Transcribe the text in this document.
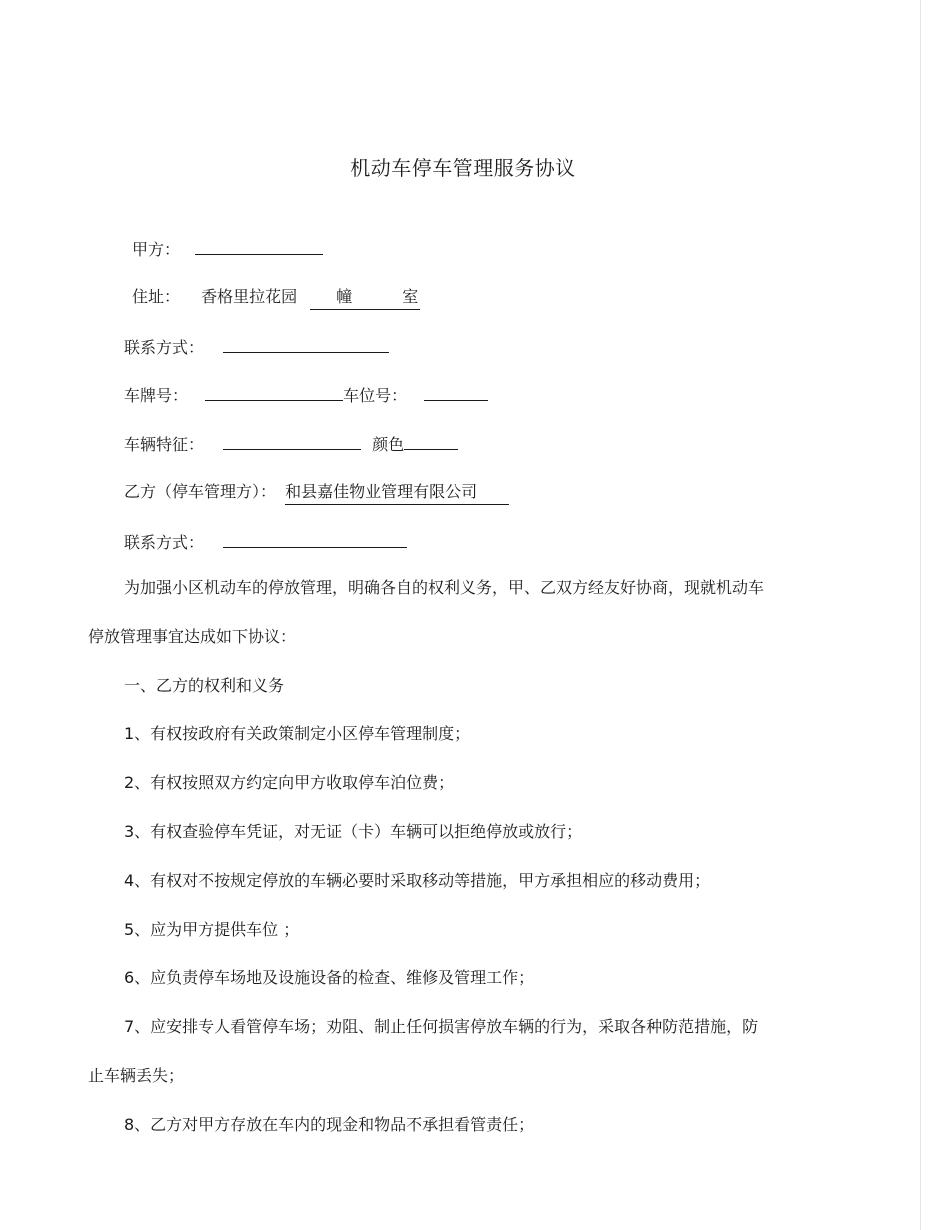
机动车停车管理服务协议
甲方：
住址： 香格里拉花园 幢	室

联系方式：
车牌号：	车位号：
车辆特征：	颜色
乙方（停车管理方）： 和县嘉佳物业管理有限公司
联系方式：
为加强小区机动车的停放管理，明确各自的权利义务，甲、乙双方经友好协商，现就机动车
停放管理事宜达成如下协议：
一、乙方的权利和义务
1、有权按政府有关政策制定小区停车管理制度；
2、有权按照双方约定向甲方收取停车泊位费；
3、有权查验停车凭证，对无证（卡）车辆可以拒绝停放或放行；
4、有权对不按规定停放的车辆必要时采取移动等措施，甲方承担相应的移动费用；
5、应为甲方提供车位 ；
6、应负责停车场地及设施设备的检查、维修及管理工作；
7、应安排专人看管停车场；劝阻、制止任何损害停放车辆的行为，采取各种防范措施，防
止车辆丢失；
8、乙方对甲方存放在车内的现金和物品不承担看管责任；
